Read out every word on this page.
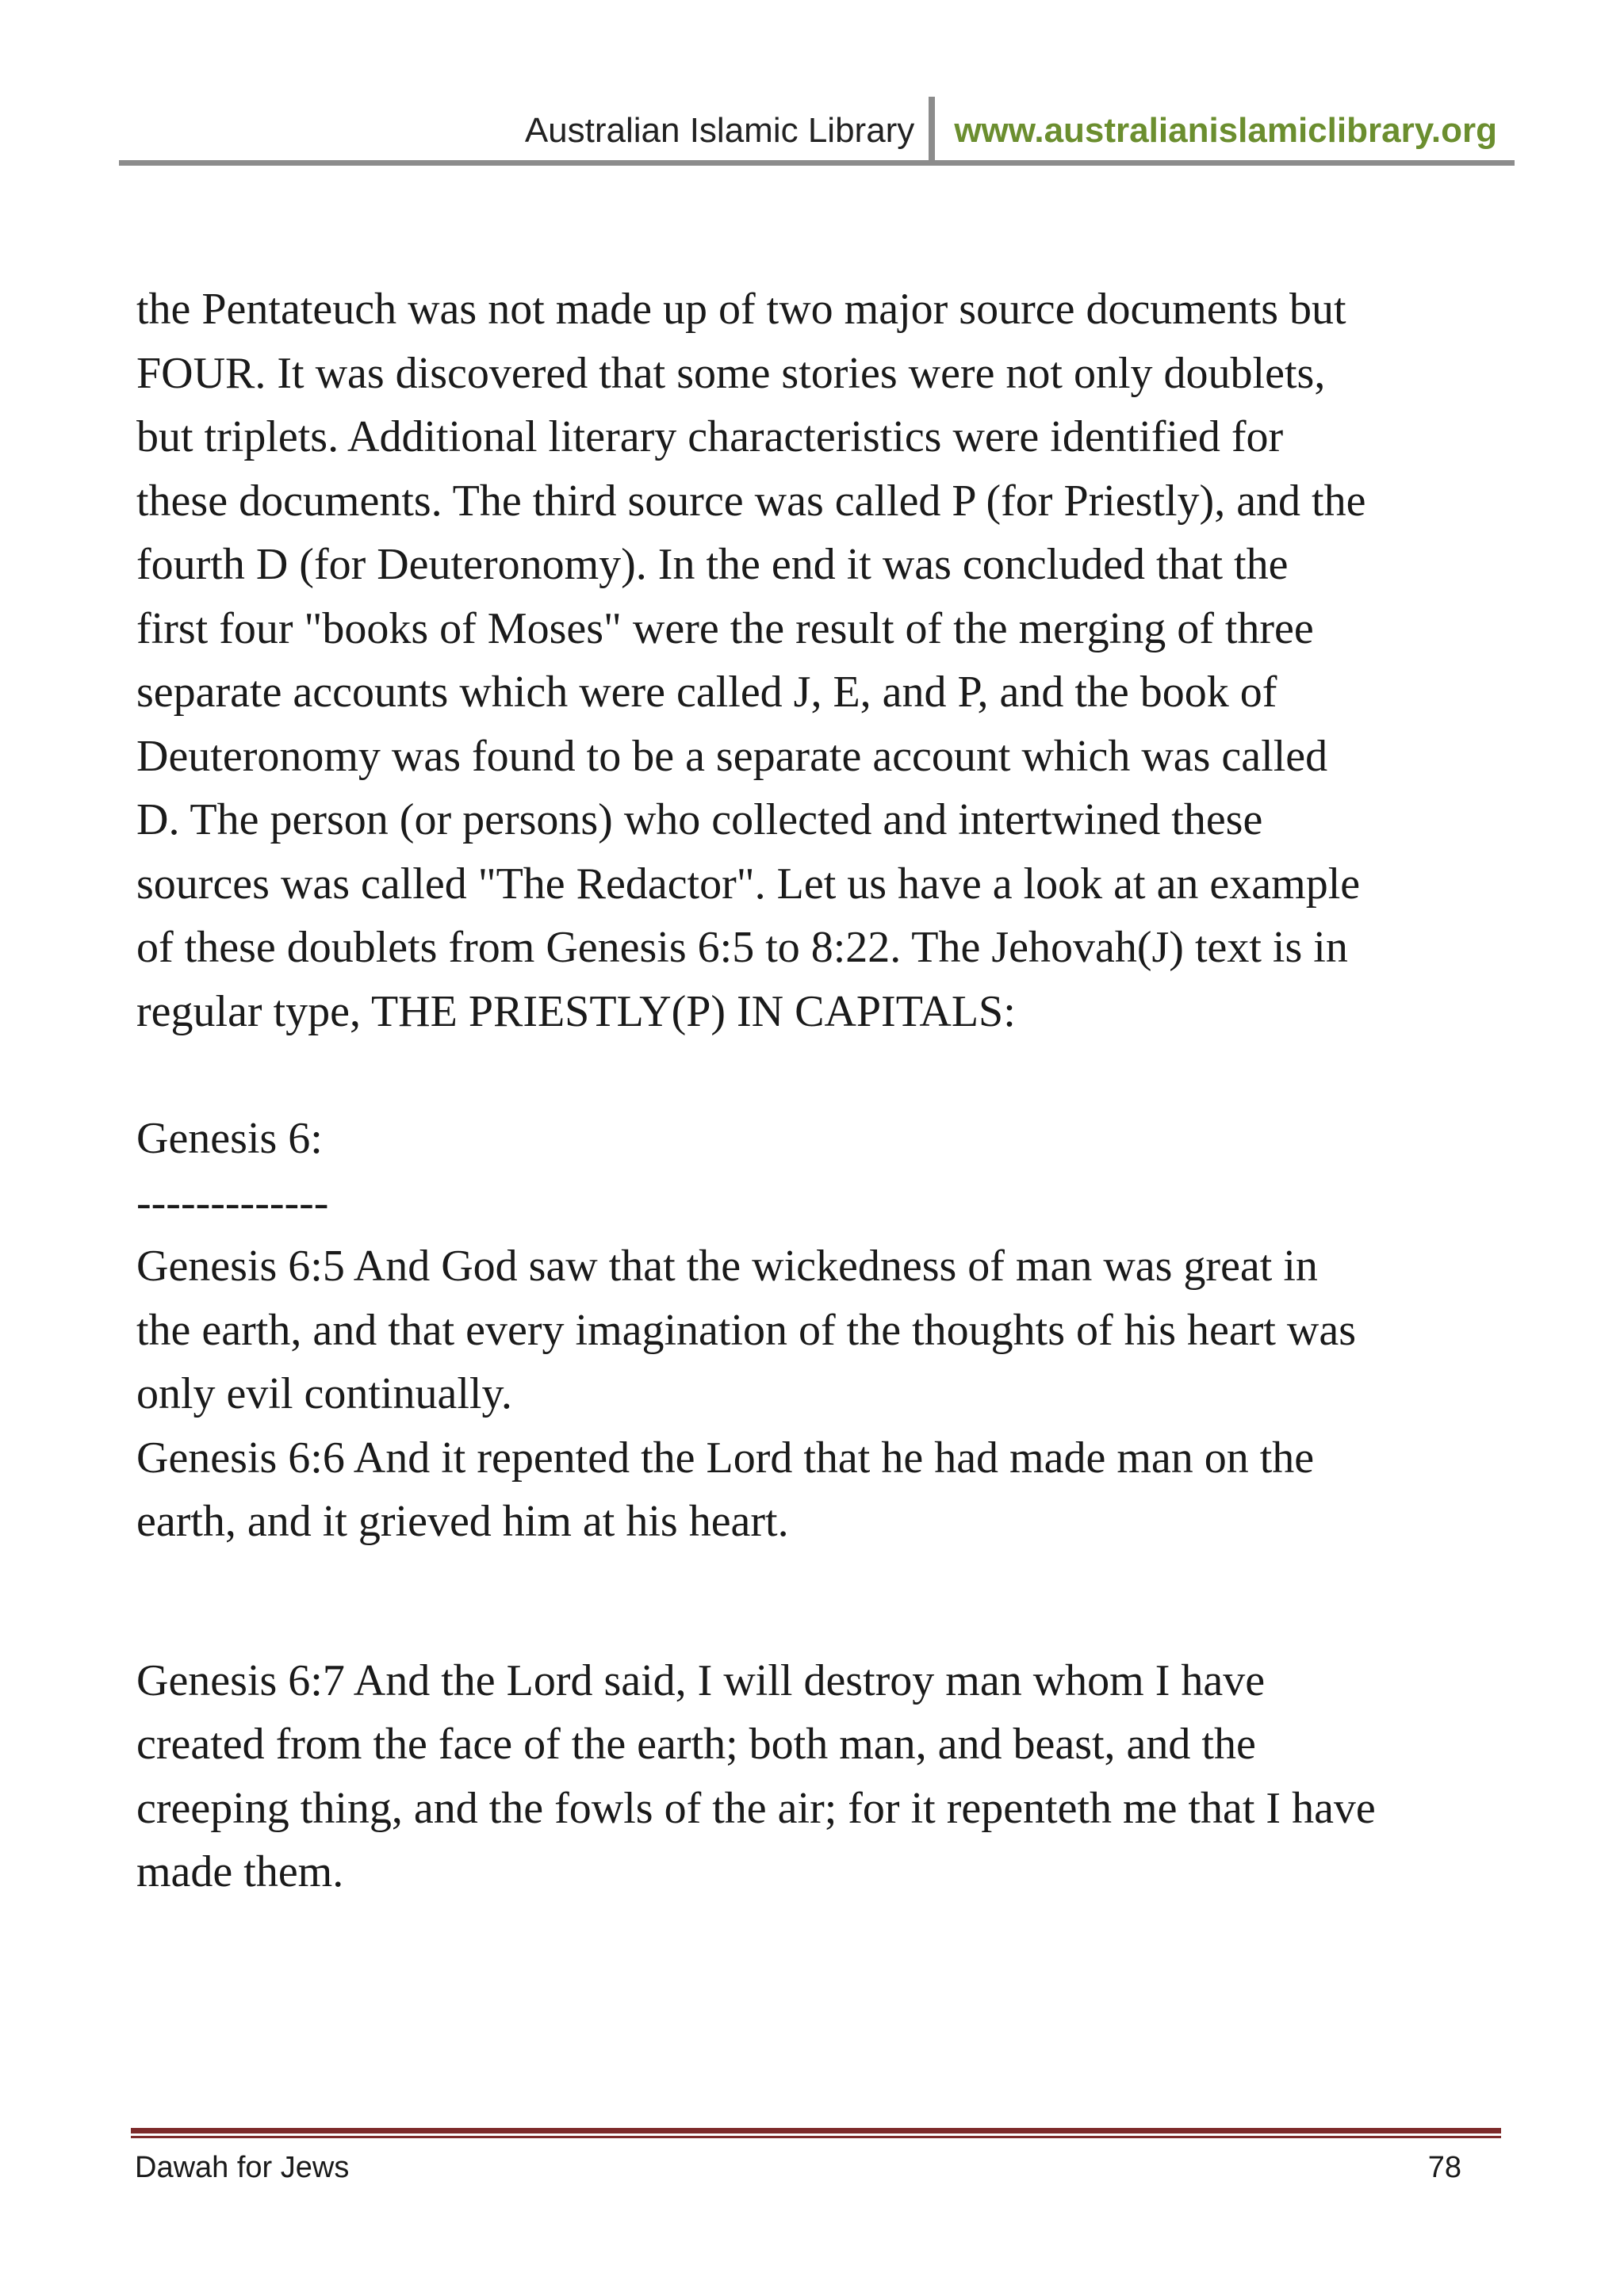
Australian Islamic Library	www.australianislamiclibrary.org

the Pentateuch was not made up of two major source documents but
FOUR. It was discovered that some stories were not only doublets,
but triplets. Additional literary characteristics were identified for
these documents. The third source was called P (for Priestly), and the
fourth D (for Deuteronomy). In the end it was concluded that the
first four "books of Moses" were the result of the merging of three
separate accounts which were called J, E, and P, and the book of
Deuteronomy was found to be a separate account which was called
D. The person (or persons) who collected and intertwined these
sources was called "The Redactor". Let us have a look at an example
of these doublets from Genesis 6:5 to 8:22. The Jehovah(J) text is in
regular type, THE PRIESTLY(P) IN CAPITALS:

Genesis 6:

-------------

Genesis 6:5 And God saw that the wickedness of man was great in
the earth, and that every imagination of the thoughts of his heart was
only evil continually.

Genesis 6:6 And it repented the Lord that he had made man on the
earth, and it grieved him at his heart.

Genesis 6:7 And the Lord said, I will destroy man whom I have
created from the face of the earth; both man, and beast, and the
creeping thing, and the fowls of the air; for it repenteth me that I have
made them.

Dawah for Jews	78
